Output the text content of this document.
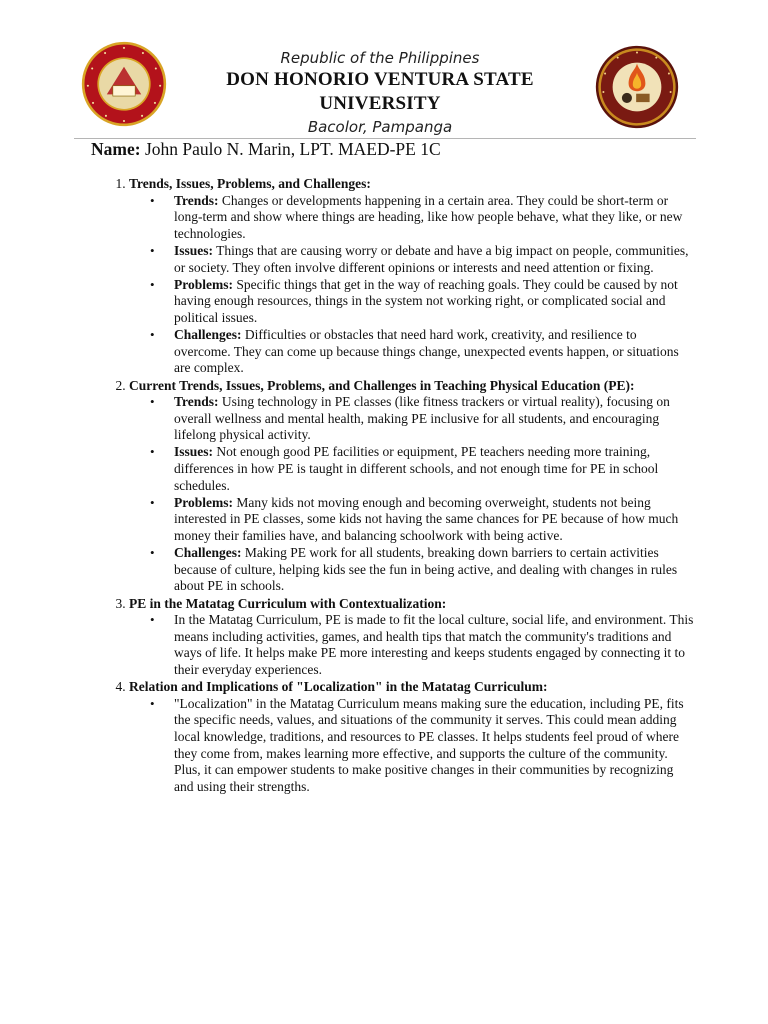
Republic of the Philippines
DON HONORIO VENTURA STATE
UNIVERSITY
Bacolor, Pampanga
Name: John Paulo N. Marin, LPT. MAED-PE 1C
1. Trends, Issues, Problems, and Challenges:
• Trends: Changes or developments happening in a certain area. They could be short-term or long-term and show where things are heading, like how people behave, what they like, or new technologies.
• Issues: Things that are causing worry or debate and have a big impact on people, communities, or society. They often involve different opinions or interests and need attention or fixing.
• Problems: Specific things that get in the way of reaching goals. They could be caused by not having enough resources, things in the system not working right, or complicated social and political issues.
• Challenges: Difficulties or obstacles that need hard work, creativity, and resilience to overcome. They can come up because things change, unexpected events happen, or situations are complex.
2. Current Trends, Issues, Problems, and Challenges in Teaching Physical Education (PE):
• Trends: Using technology in PE classes (like fitness trackers or virtual reality), focusing on overall wellness and mental health, making PE inclusive for all students, and encouraging lifelong physical activity.
• Issues: Not enough good PE facilities or equipment, PE teachers needing more training, differences in how PE is taught in different schools, and not enough time for PE in school schedules.
• Problems: Many kids not moving enough and becoming overweight, students not being interested in PE classes, some kids not having the same chances for PE because of how much money their families have, and balancing schoolwork with being active.
• Challenges: Making PE work for all students, breaking down barriers to certain activities because of culture, helping kids see the fun in being active, and dealing with changes in rules about PE in schools.
3. PE in the Matatag Curriculum with Contextualization:
• In the Matatag Curriculum, PE is made to fit the local culture, social life, and environment. This means including activities, games, and health tips that match the community's traditions and ways of life. It helps make PE more interesting and keeps students engaged by connecting it to their everyday experiences.
4. Relation and Implications of "Localization" in the Matatag Curriculum:
• "Localization" in the Matatag Curriculum means making sure the education, including PE, fits the specific needs, values, and situations of the community it serves. This could mean adding local knowledge, traditions, and resources to PE classes. It helps students feel proud of where they come from, makes learning more effective, and supports the culture of the community. Plus, it can empower students to make positive changes in their communities by recognizing and using their strengths.
